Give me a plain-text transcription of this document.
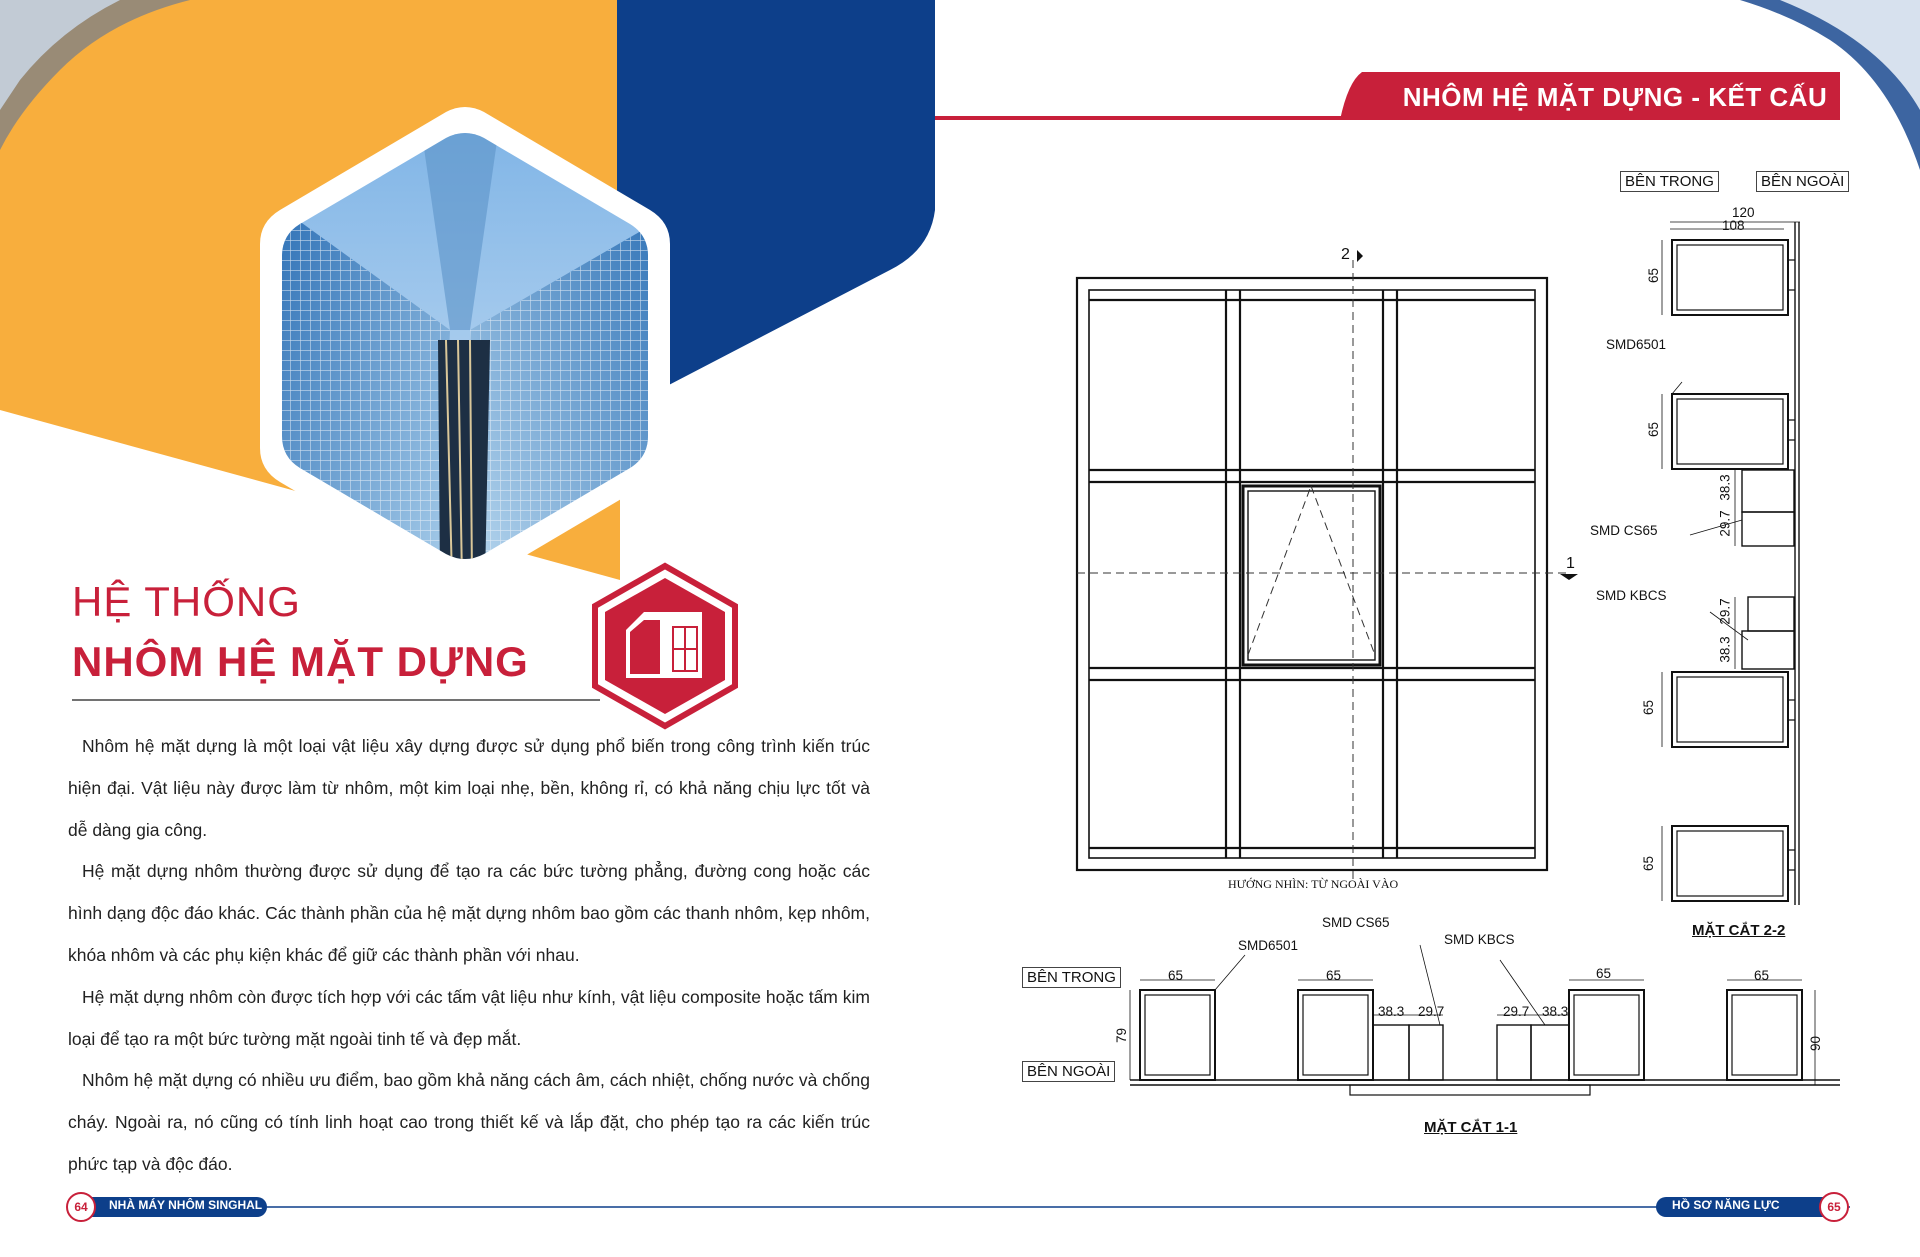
HỆ THỐNG
NHÔM HỆ MẶT DỰNG

Nhôm hệ mặt dựng là một loại vật liệu xây dựng được sử dụng phổ biến trong công trình kiến trúc hiện đại. Vật liệu này được làm từ nhôm, một kim loại nhẹ, bền, không rỉ, có khả năng chịu lực tốt và dễ dàng gia công.

Hệ mặt dựng nhôm thường được sử dụng để tạo ra các bức tường phẳng, đường cong hoặc các hình dạng độc đáo khác. Các thành phần của hệ mặt dựng nhôm bao gồm các thanh nhôm, kẹp nhôm, khóa nhôm và các phụ kiện khác để giữ các thành phần với nhau.

Hệ mặt dựng nhôm còn được tích hợp với các tấm vật liệu như kính, vật liệu composite hoặc tấm kim loại để tạo ra một bức tường mặt ngoài tinh tế và đẹp mắt.

Nhôm hệ mặt dựng có nhiều ưu điểm, bao gồm khả năng cách âm, cách nhiệt, chống nước và chống cháy. Ngoài ra, nó cũng có tính linh hoạt cao trong thiết kế và lắp đặt, cho phép tạo ra các kiến trúc phức tạp và độc đáo.

NHÔM HỆ MẶT DỰNG - KẾT CẤU
HƯỚNG NHÌN: TỪ NGOÀI VÀO
2
1
BÊN TRONG	BÊN NGOÀI
BÊN TRONG
BÊN NGOÀI
120
108
65
65
65
65
38.3
29.7
29.7
38.3
SMD6501
SMD CS65
SMD KBCS
MẶT CẮT 2-2
65	65	65	65
79
90
38.3 29.7	29.7 38.3
SMD6501
SMD CS65
SMD KBCS
MẶT CẮT 1-1
64	NHÀ MÁY NHÔM SINGHAL	HỒ SƠ NĂNG LỰC	65
